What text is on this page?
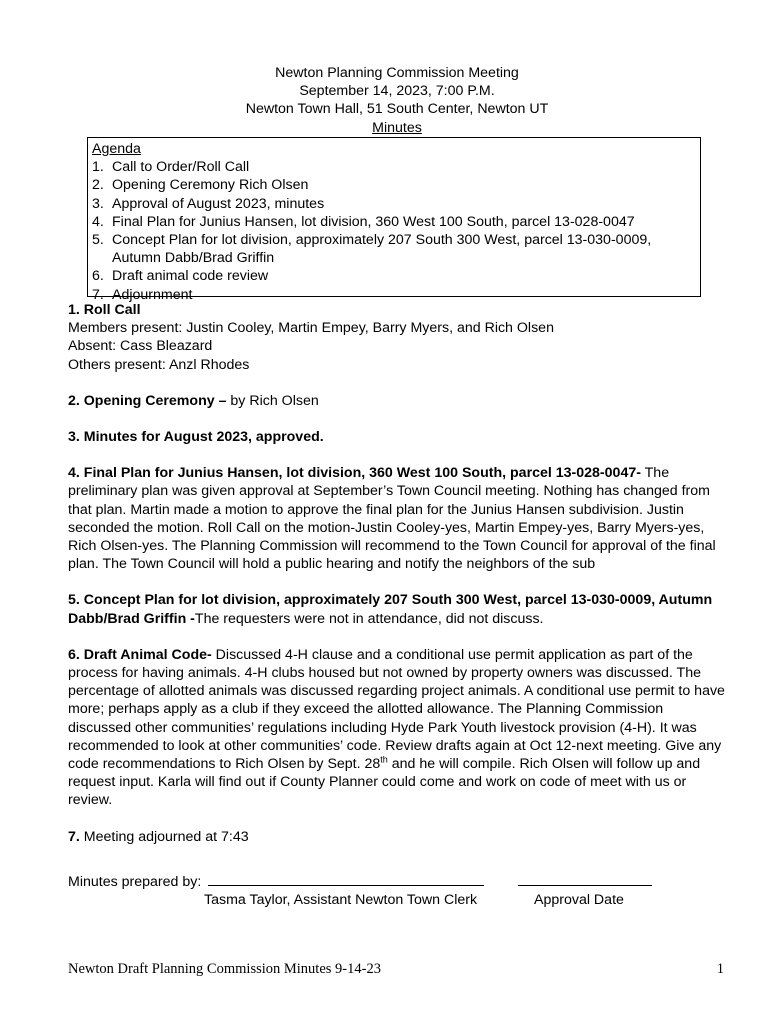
Newton Planning Commission Meeting
September 14, 2023, 7:00 P.M.
Newton Town Hall, 51 South Center, Newton UT
Minutes
Agenda
1. Call to Order/Roll Call
2. Opening Ceremony Rich Olsen
3. Approval of August 2023, minutes
4. Final Plan for Junius Hansen, lot division, 360 West 100 South, parcel 13-028-0047
5. Concept Plan for lot division, approximately 207 South 300 West, parcel 13-030-0009, Autumn Dabb/Brad Griffin
6. Draft animal code review
7. Adjournment

1. Roll Call

Members present: Justin Cooley, Martin Empey, Barry Myers, and Rich Olsen

Absent: Cass Bleazard

Others present: Anzl Rhodes

2. Opening Ceremony – by Rich Olsen

3. Minutes for August 2023, approved.

4. Final Plan for Junius Hansen, lot division, 360 West 100 South, parcel 13-028-0047- The preliminary plan was given approval at September’s Town Council meeting. Nothing has changed from that plan. Martin made a motion to approve the final plan for the Junius Hansen subdivision. Justin seconded the motion. Roll Call on the motion-Justin Cooley-yes, Martin Empey-yes, Barry Myers-yes, Rich Olsen-yes. The Planning Commission will recommend to the Town Council for approval of the final plan. The Town Council will hold a public hearing and notify the neighbors of the sub

5. Concept Plan for lot division, approximately 207 South 300 West, parcel 13-030-0009, Autumn Dabb/Brad Griffin -The requesters were not in attendance, did not discuss.

6. Draft Animal Code- Discussed 4-H clause and a conditional use permit application as part of the process for having animals. 4-H clubs housed but not owned by property owners was discussed. The percentage of allotted animals was discussed regarding project animals. A conditional use permit to have more; perhaps apply as a club if they exceed the allotted allowance. The Planning Commission discussed other communities’ regulations including Hyde Park Youth livestock provision (4-H). It was recommended to look at other communities’ code. Review drafts again at Oct 12-next meeting. Give any code recommendations to Rich Olsen by Sept. 28th and he will compile. Rich Olsen will follow up and request input. Karla will find out if County Planner could come and work on code of meet with us or review.

7. Meeting adjourned at 7:43

Minutes prepared by:
Tasma Taylor, Assistant Newton Town Clerk	Approval Date
Newton Draft Planning Commission Minutes 9-14-23	1
